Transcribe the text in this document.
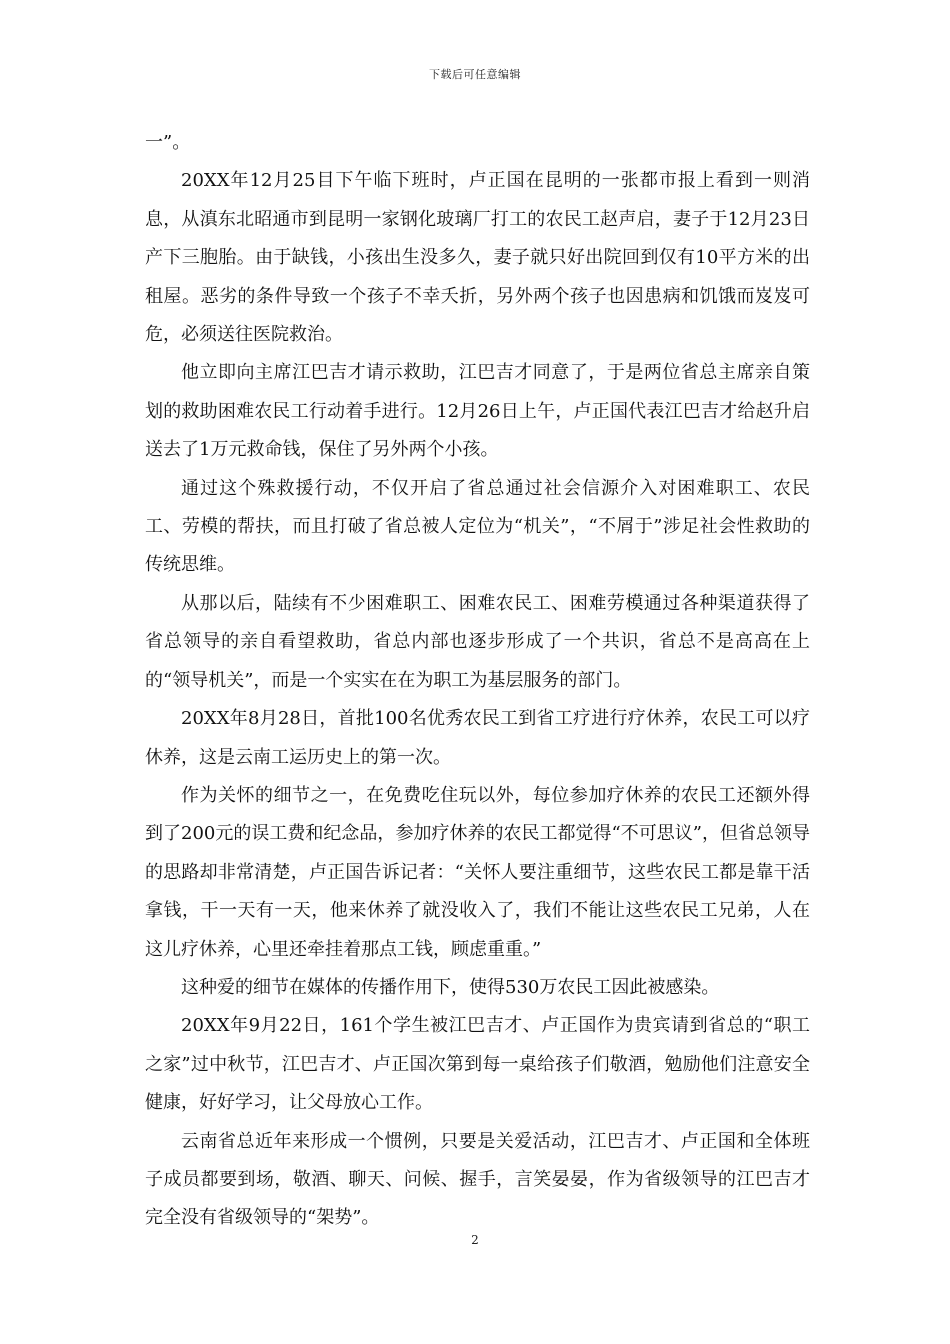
下载后可任意编辑

一”。

20XX年12月25目下午临下班时，卢正国在昆明的一张都市报上看到一则消息，从滇东北昭通市到昆明一家钢化玻璃厂打工的农民工赵声启，妻子于12月23日产下三胞胎。由于缺钱，小孩出生没多久，妻子就只好出院回到仅有10平方米的出租屋。恶劣的条件导致一个孩子不幸夭折，另外两个孩子也因患病和饥饿而岌岌可危，必须送往医院救治。

他立即向主席江巴吉才请示救助，江巴吉才同意了，于是两位省总主席亲自策划的救助困难农民工行动着手进行。12月26日上午，卢正国代表江巴吉才给赵升启送去了1万元救命钱，保住了另外两个小孩。

通过这个殊救援行动，不仅开启了省总通过社会信源介入对困难职工、农民工、劳模的帮扶，而且打破了省总被人定位为“机关”，“不屑于”涉足社会性救助的传统思维。

从那以后，陆续有不少困难职工、困难农民工、困难劳模通过各种渠道获得了省总领导的亲自看望救助，省总内部也逐步形成了一个共识，省总不是高高在上的“领导机关”，而是一个实实在在为职工为基层服务的部门。

20XX年8月28日，首批100名优秀农民工到省工疗进行疗休养，农民工可以疗休养，这是云南工运历史上的第一次。

作为关怀的细节之一，在免费吃住玩以外，每位参加疗休养的农民工还额外得到了200元的误工费和纪念品，参加疗休养的农民工都觉得“不可思议”，但省总领导的思路却非常清楚，卢正国告诉记者：“关怀人要注重细节，这些农民工都是靠干活拿钱，干一天有一天，他来休养了就没收入了，我们不能让这些农民工兄弟，人在这儿疗休养，心里还牵挂着那点工钱，顾虑重重。”

这种爱的细节在媒体的传播作用下，使得530万农民工因此被感染。

20XX年9月22日，161个学生被江巴吉才、卢正国作为贵宾请到省总的“职工之家”过中秋节，江巴吉才、卢正国次第到每一桌给孩子们敬酒，勉励他们注意安全健康，好好学习，让父母放心工作。

云南省总近年来形成一个惯例，只要是关爱活动，江巴吉才、卢正国和全体班子成员都要到场，敬酒、聊天、问候、握手，言笑晏晏，作为省级领导的江巴吉才完全没有省级领导的“架势”。

2
